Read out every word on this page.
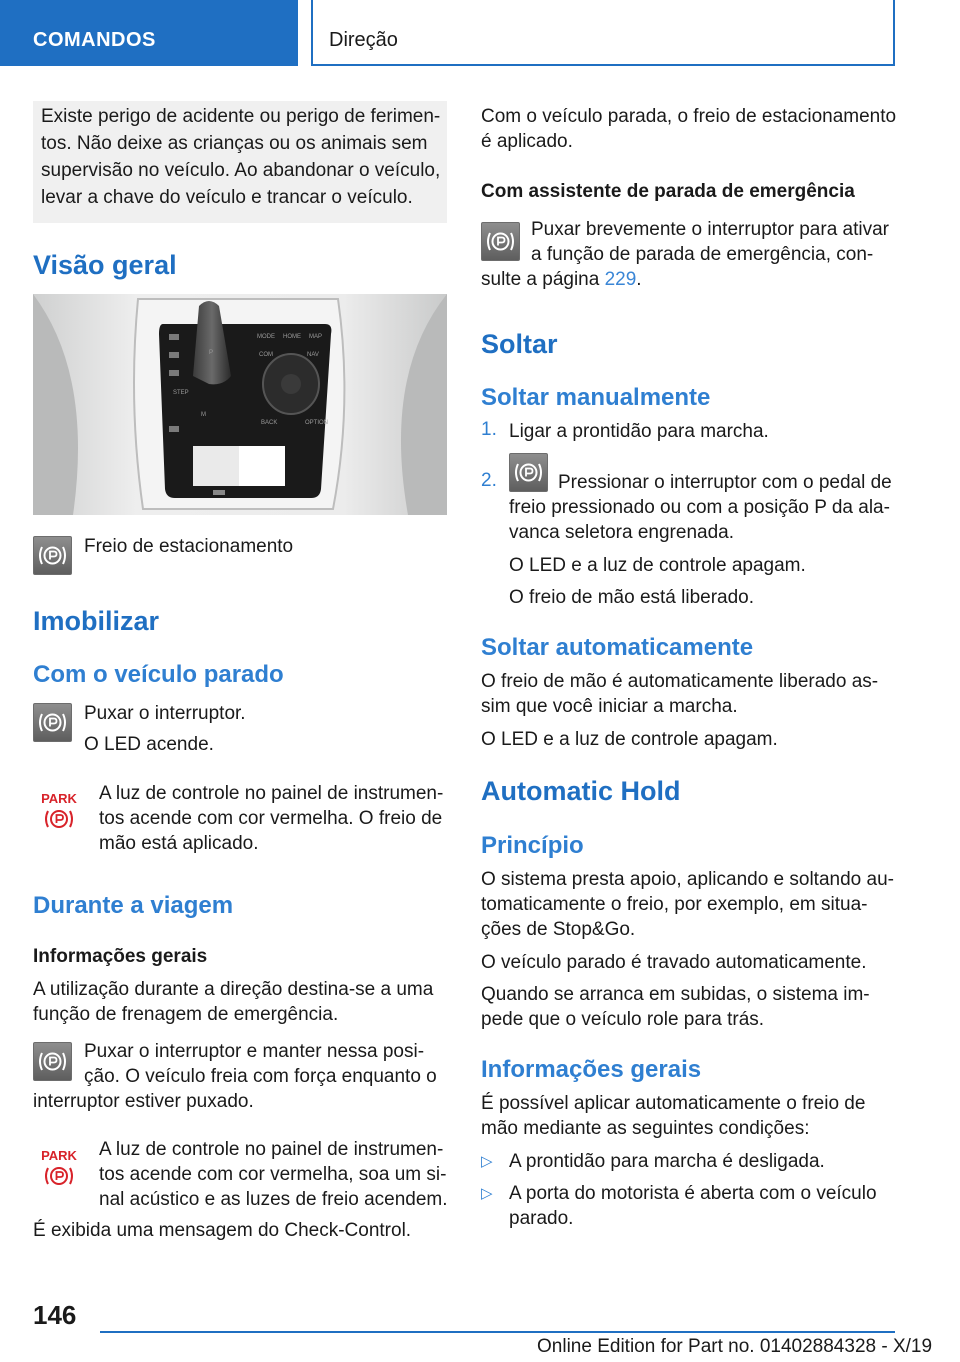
COMANDOS	Direção
Existe perigo de acidente ou perigo de ferimen-
tos. Não deixe as crianças ou os animais sem
supervisão no veículo. Ao abandonar o veículo,
levar a chave do veículo e trancar o veículo.
Visão geral
MODE HOME MAP
COM	NAV
BACK	OPTION
P
M
STEP
Freio de estacionamento
Imobilizar
Com o veículo parado
Puxar o interruptor.
O LED acende.
PARK A luz de controle no painel de instrumen-
tos acende com cor vermelha. O freio de
mão está aplicado.
Durante a viagem
Informações gerais
A utilização durante a direção destina-se a uma
função de frenagem de emergência.
Puxar o interruptor e manter nessa posi-
ção. O veículo freia com força enquanto o
interruptor estiver puxado.
PARK A luz de controle no painel de instrumen-
tos acende com cor vermelha, soa um si-
nal acústico e as luzes de freio acendem.
É exibida uma mensagem do Check-Control.
Com o veículo parada, o freio de estacionamento
é aplicado.
Com assistente de parada de emergência
Puxar brevemente o interruptor para ativar
a função de parada de emergência, con-
sulte a página 229.
Soltar
Soltar manualmente
1. Ligar a prontidão para marcha.
2.	Pressionar o interruptor com o pedal de
freio pressionado ou com a posição P da ala-
vanca seletora engrenada.
O LED e a luz de controle apagam.
O freio de mão está liberado.
Soltar automaticamente
O freio de mão é automaticamente liberado as-
sim que você iniciar a marcha.
O LED e a luz de controle apagam.
Automatic Hold
Princípio
O sistema presta apoio, aplicando e soltando au-
tomaticamente o freio, por exemplo, em situa-
ções de Stop&Go.
O veículo parado é travado automaticamente.
Quando se arranca em subidas, o sistema im-
pede que o veículo role para trás.
Informações gerais
É possível aplicar automaticamente o freio de
mão mediante as seguintes condições:
▷ A prontidão para marcha é desligada.
▷ A porta do motorista é aberta com o veículo
parado.
146
Online Edition for Part no. 01402884328 - X/19
